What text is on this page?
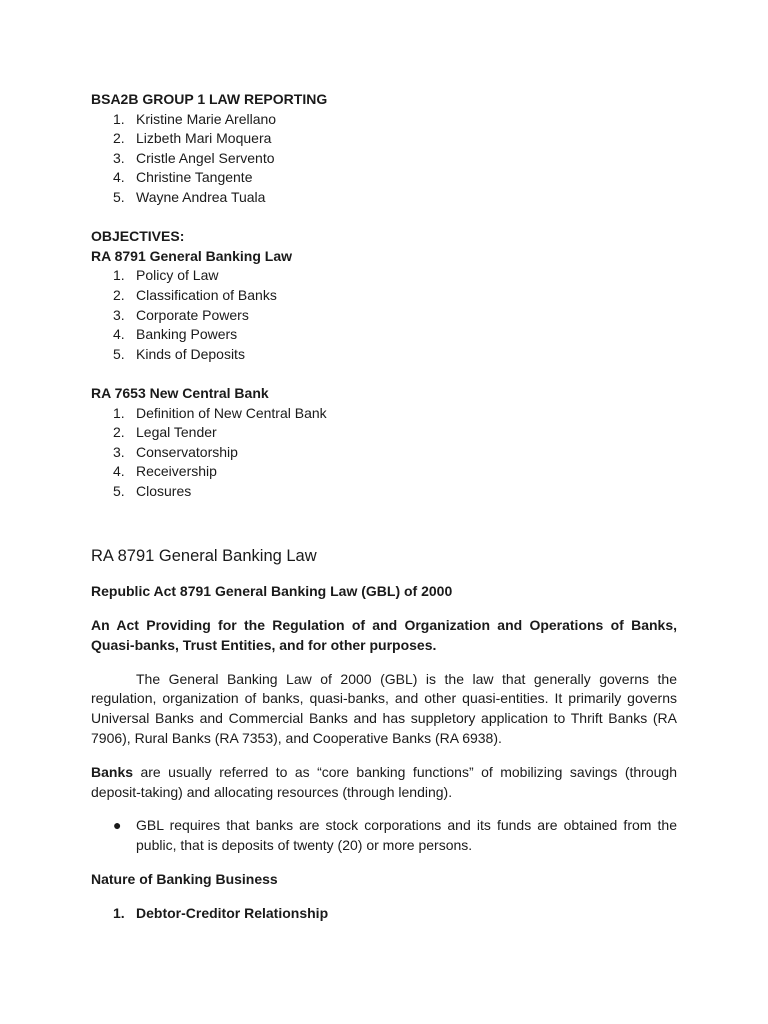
BSA2B GROUP 1 LAW REPORTING

1. Kristine Marie Arellano
2. Lizbeth Mari Moquera
3. Cristle Angel Servento
4. Christine Tangente
5. Wayne Andrea Tuala

OBJECTIVES:

RA 8791 General Banking Law

1. Policy of Law
2. Classification of Banks
3. Corporate Powers
4. Banking Powers
5. Kinds of Deposits

RA 7653 New Central Bank

1. Definition of New Central Bank
2. Legal Tender
3. Conservatorship
4. Receivership
5. Closures
RA 8791 General Banking Law

Republic Act 8791 General Banking Law (GBL) of 2000

An Act Providing for the Regulation of and Organization and Operations of Banks, Quasi-banks, Trust Entities, and for other purposes.

The General Banking Law of 2000 (GBL) is the law that generally governs the regulation, organization of banks, quasi-banks, and other quasi-entities. It primarily governs Universal Banks and Commercial Banks and has suppletory application to Thrift Banks (RA 7906), Rural Banks (RA 7353), and Cooperative Banks (RA 6938).

Banks are usually referred to as “core banking functions” of mobilizing savings (through deposit-taking) and allocating resources (through lending).

● GBL requires that banks are stock corporations and its funds are obtained from the public, that is deposits of twenty (20) or more persons.

Nature of Banking Business

1. Debtor-Creditor Relationship
